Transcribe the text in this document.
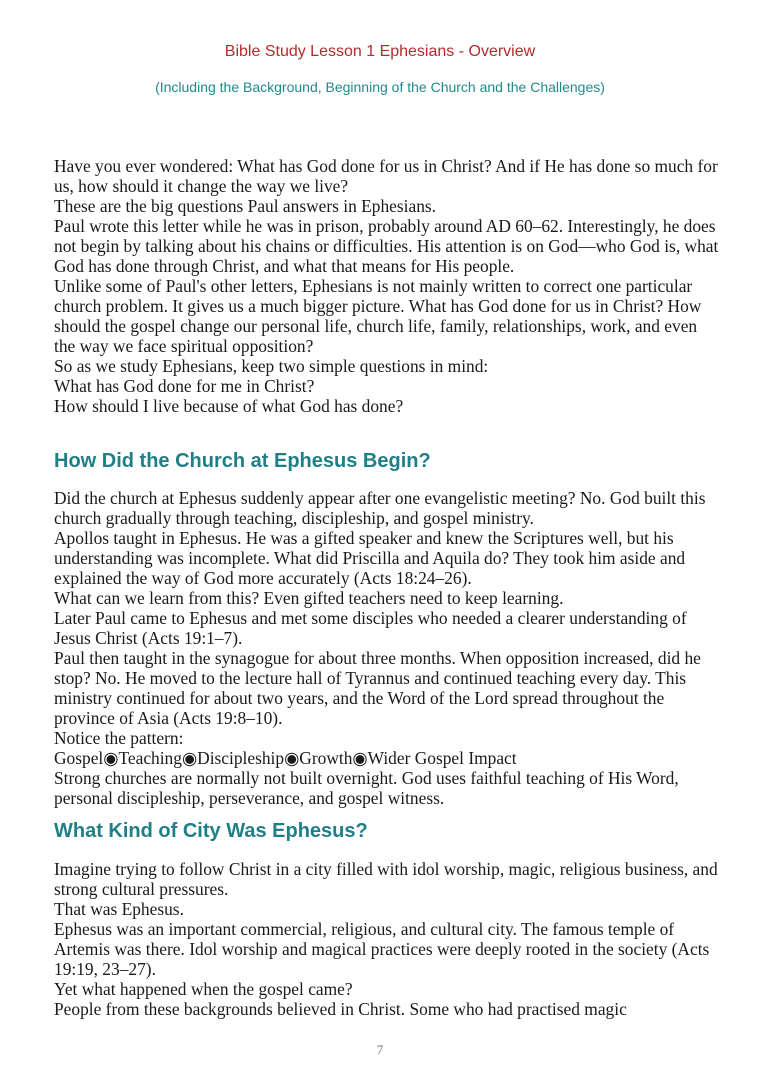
Bible Study Lesson 1 Ephesians - Overview
(Including the Background, Beginning of the Church and the Challenges)

Have you ever wondered: What has God done for us in Christ? And if He has done so much for us, how should it change the way we live?

These are the big questions Paul answers in Ephesians.

Paul wrote this letter while he was in prison, probably around AD 60–62. Interestingly, he does not begin by talking about his chains or difficulties. His attention is on God—who God is, what God has done through Christ, and what that means for His people.

Unlike some of Paul's other letters, Ephesians is not mainly written to correct one particular church problem. It gives us a much bigger picture. What has God done for us in Christ? How should the gospel change our personal life, church life, family, relationships, work, and even the way we face spiritual opposition?

So as we study Ephesians, keep two simple questions in mind:

What has God done for me in Christ?

How should I live because of what God has done?

How Did the Church at Ephesus Begin?

Did the church at Ephesus suddenly appear after one evangelistic meeting? No. God built this church gradually through teaching, discipleship, and gospel ministry.

Apollos taught in Ephesus. He was a gifted speaker and knew the Scriptures well, but his understanding was incomplete. What did Priscilla and Aquila do? They took him aside and explained the way of God more accurately (Acts 18:24–26).

What can we learn from this? Even gifted teachers need to keep learning.

Later Paul came to Ephesus and met some disciples who needed a clearer understanding of Jesus Christ (Acts 19:1–7).

Paul then taught in the synagogue for about three months. When opposition increased, did he stop? No. He moved to the lecture hall of Tyrannus and continued teaching every day. This ministry continued for about two years, and the Word of the Lord spread throughout the province of Asia (Acts 19:8–10).

Notice the pattern:

Gospel◉Teaching◉Discipleship◉Growth◉Wider Gospel Impact

Strong churches are normally not built overnight. God uses faithful teaching of His Word, personal discipleship, perseverance, and gospel witness.

What Kind of City Was Ephesus?

Imagine trying to follow Christ in a city filled with idol worship, magic, religious business, and strong cultural pressures.

That was Ephesus.

Ephesus was an important commercial, religious, and cultural city. The famous temple of Artemis was there. Idol worship and magical practices were deeply rooted in the society (Acts 19:19, 23–27).

Yet what happened when the gospel came?

People from these backgrounds believed in Christ. Some who had practised magic

7
